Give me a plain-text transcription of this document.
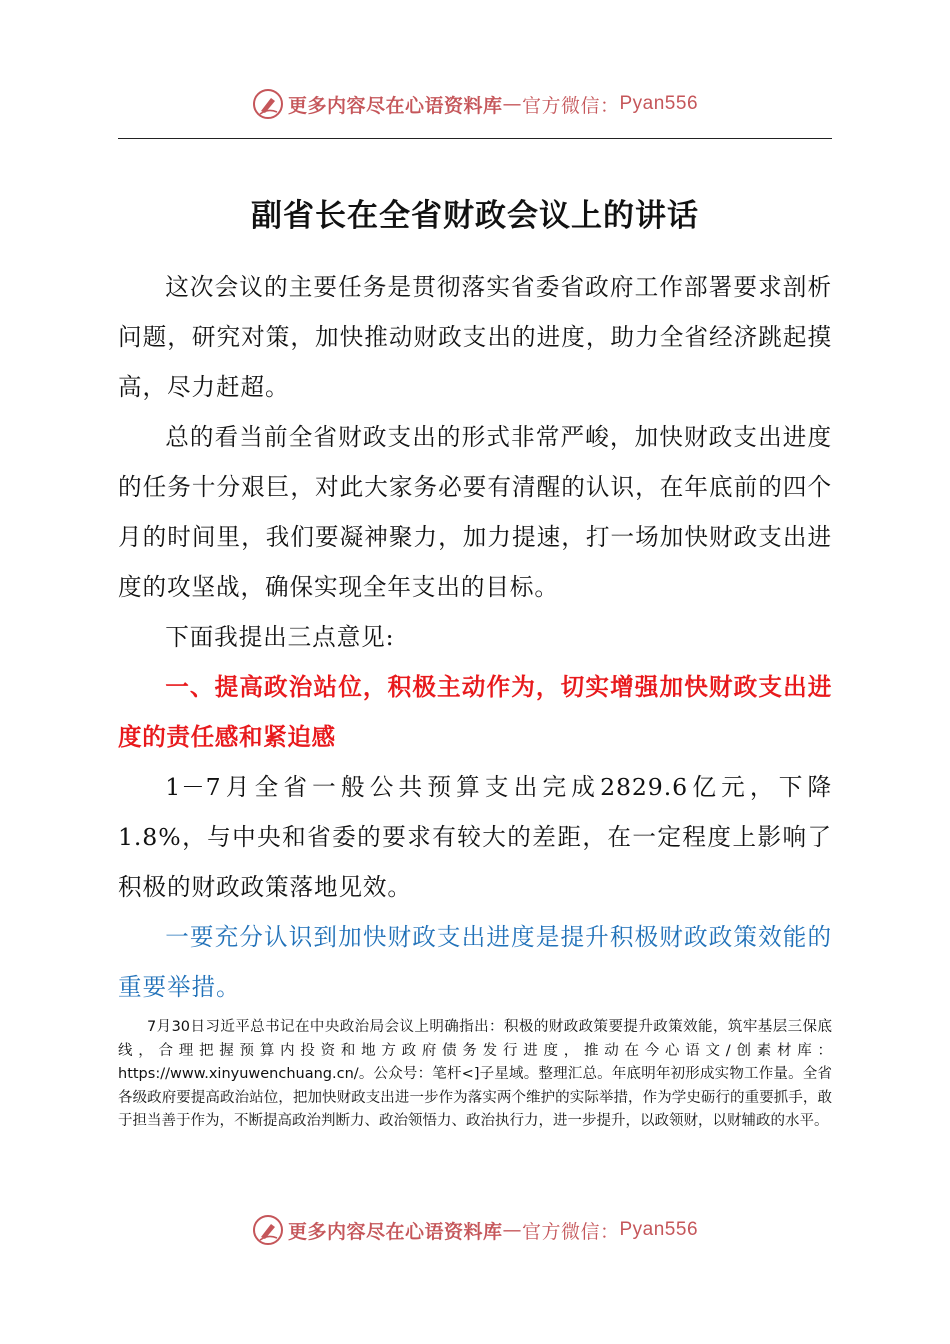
更多内容尽在心语资料库 — 官方微信： Pyan556
副省长在全省财政会议上的讲话

这次会议的主要任务是贯彻落实省委省政府工作部署要求剖析问题，研究对策，加快推动财政支出的进度，助力全省经济跳起摸高，尽力赶超。

总的看当前全省财政支出的形式非常严峻，加快财政支出进度的任务十分艰巨，对此大家务必要有清醒的认识，在年底前的四个月的时间里，我们要凝神聚力，加力提速，打一场加快财政支出进度的攻坚战，确保实现全年支出的目标。

下面我提出三点意见:

一、提高政治站位，积极主动作为，切实增强加快财政支出进度的责任感和紧迫感

1－7月全省一般公共预算支出完成2829.6亿元，下降1.8%，与中央和省委的要求有较大的差距，在一定程度上影响了积极的财政政策落地见效。

一要充分认识到加快财政支出进度是提升积极财政政策效能的重要举措。

7月30日习近平总书记在中央政治局会议上明确指出：积极的财政政策要提升政策效能，筑牢基层三保底线，合理把握预算内投资和地方政府债务发行进度，推动在今心语文/创素材库：https://www.xinyuwenchuang.cn/。公众号：笔杆<]子星域。整理汇总。年底明年初形成实物工作量。全省各级政府要提高政治站位，把加快财政支出进一步作为落实两个维护的实际举措，作为学史砺行的重要抓手，敢于担当善于作为，不断提高政治判断力、政治领悟力、政治执行力，进一步提升，以政领财，以财辅政的水平。

更多内容尽在心语资料库 — 官方微信： Pyan556
